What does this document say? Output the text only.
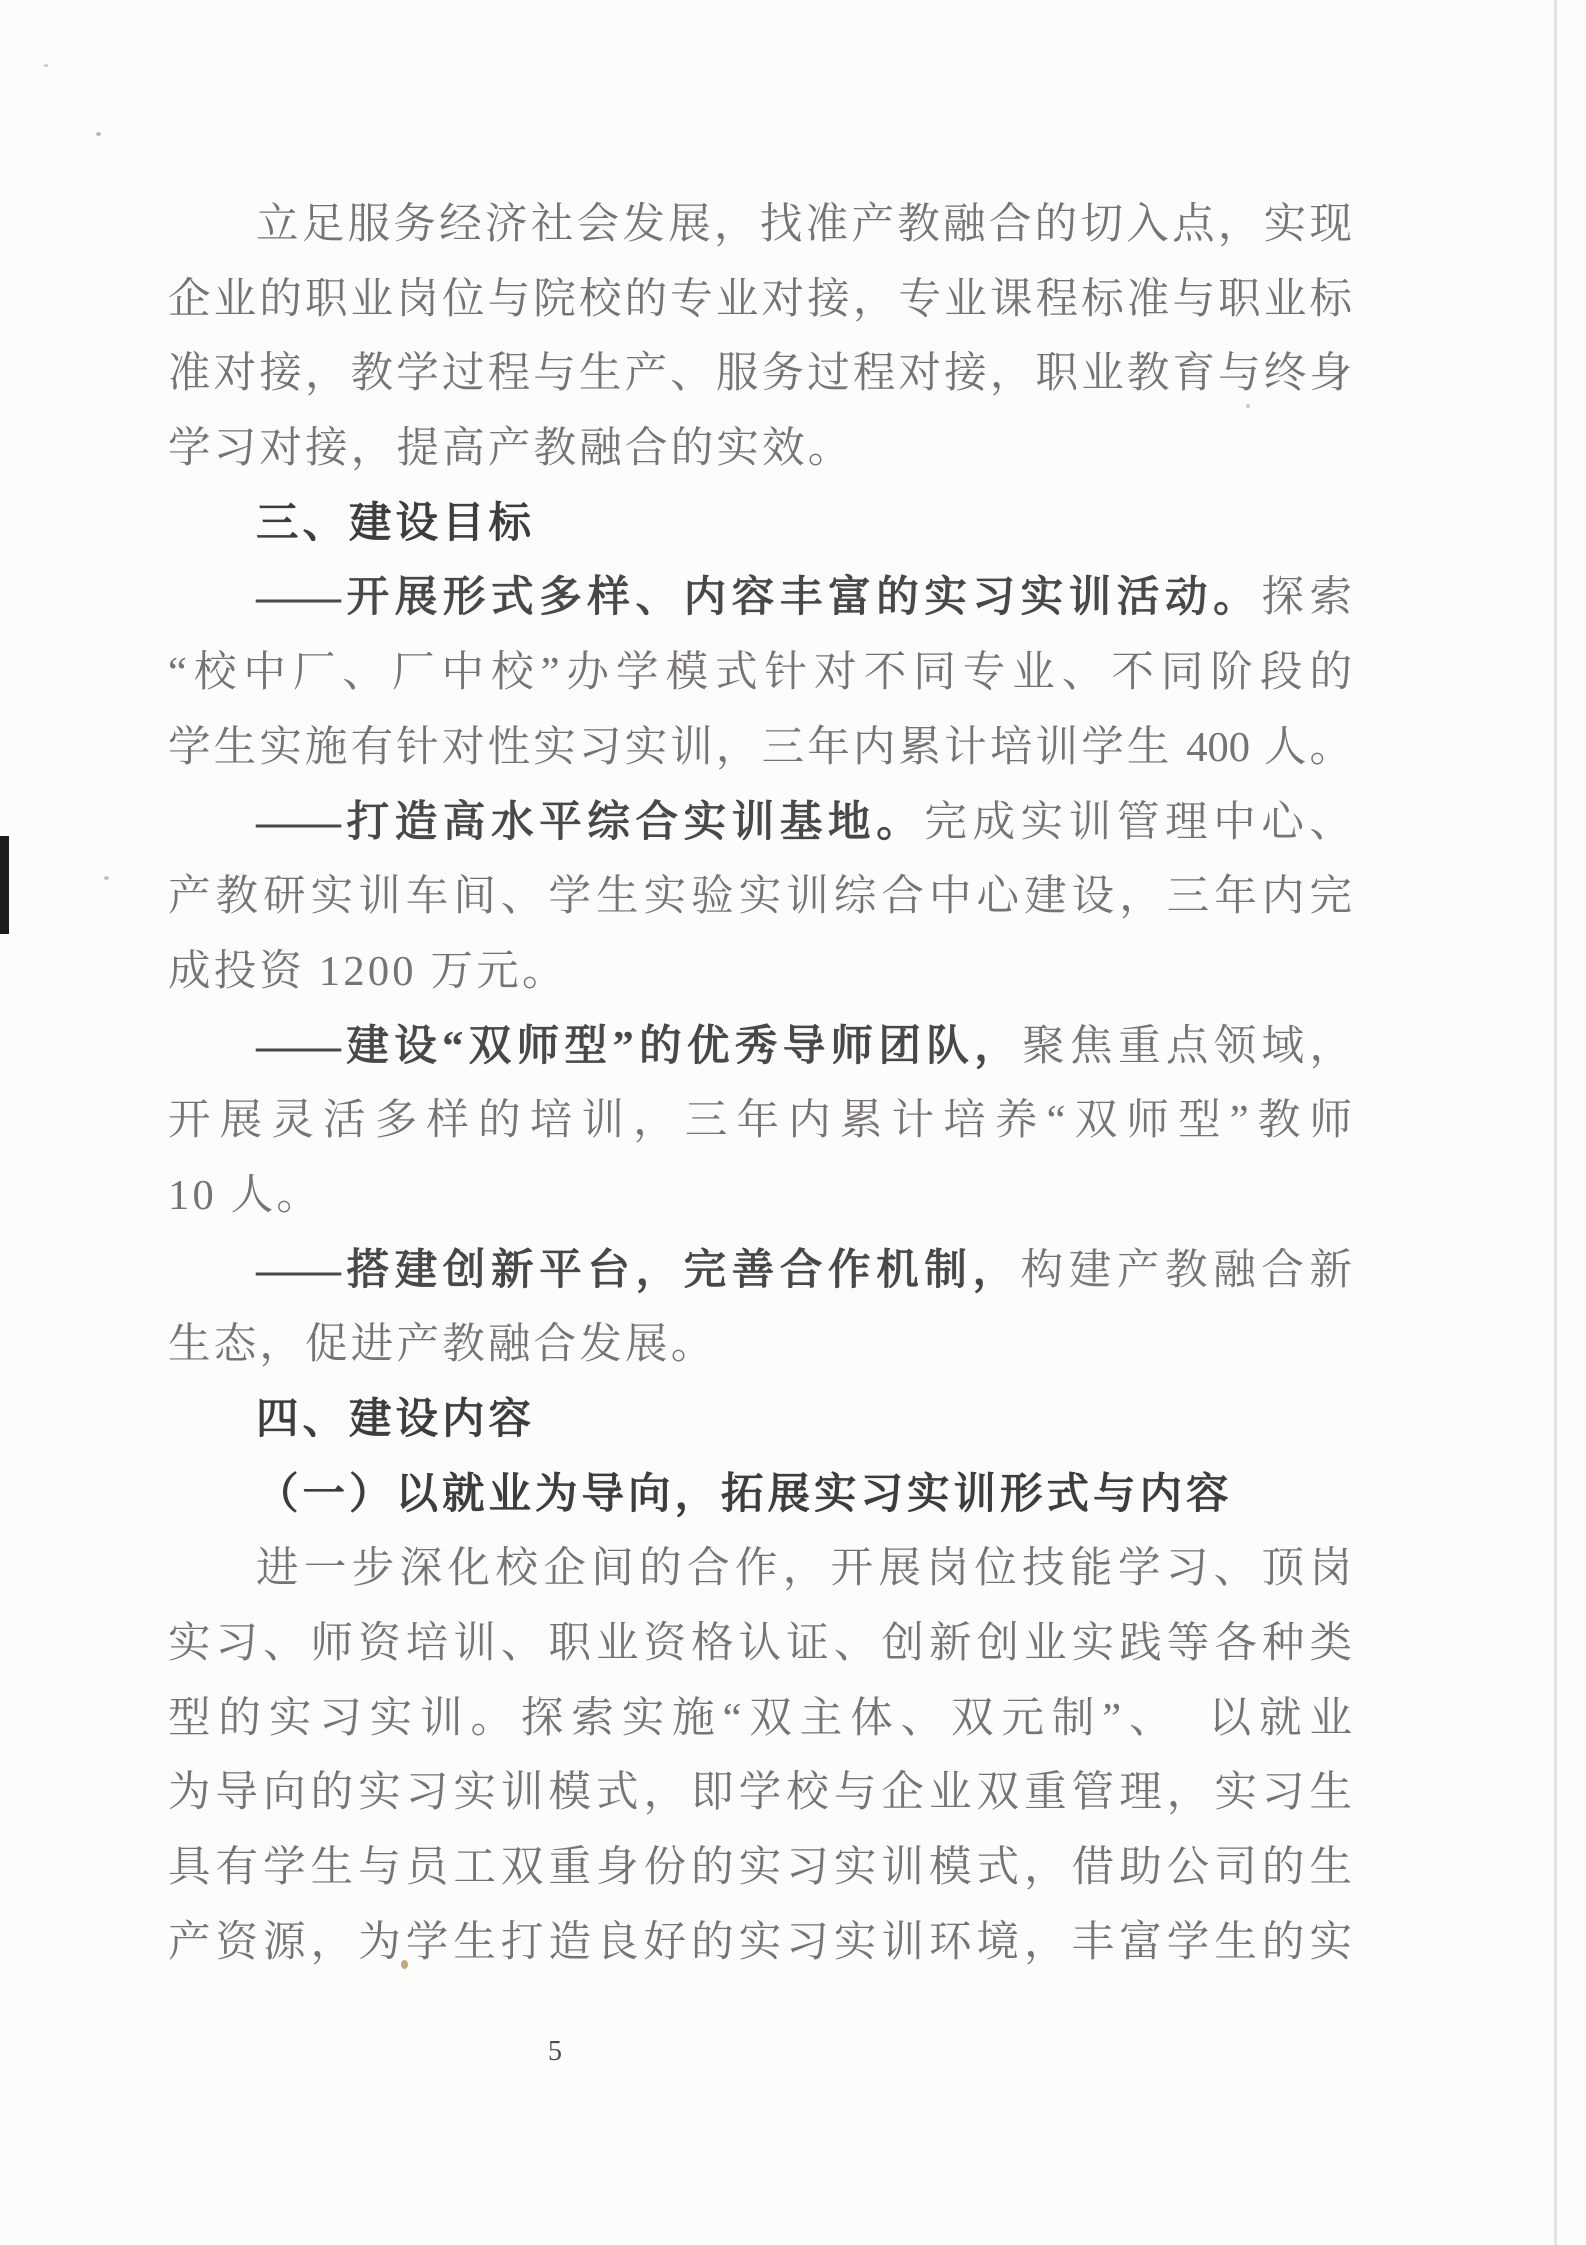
立足服务经济社会发展，找准产教融合的切入点，实现
企业的职业岗位与院校的专业对接，专业课程标准与职业标
准对接，教学过程与生产、服务过程对接，职业教育与终身
学习对接，提高产教融合的实效。
三、建设目标
——开展形式多样、内容丰富的实习实训活动。探索
“校中厂、厂中校”办学模式针对不同专业、不同阶段的
学生实施有针对性实习实训，三年内累计培训学生 400 人。
——打造高水平综合实训基地。完成实训管理中心、
产教研实训车间、学生实验实训综合中心建设，三年内完
成投资 1200 万元。
——建设“双师型”的优秀导师团队，聚焦重点领域，
开展灵活多样的培训，三年内累计培养“双师型”教师
10 人。
——搭建创新平台，完善合作机制，构建产教融合新
生态，促进产教融合发展。
四、建设内容
（一）以就业为导向，拓展实习实训形式与内容
进一步深化校企间的合作，开展岗位技能学习、顶岗
实习、师资培训、职业资格认证、创新创业实践等各种类
型的实习实训。探索实施“双主体、双元制”、　以就业
为导向的实习实训模式，即学校与企业双重管理，实习生
具有学生与员工双重身份的实习实训模式，借助公司的生
产资源，为学生打造良好的实习实训环境，丰富学生的实
5
